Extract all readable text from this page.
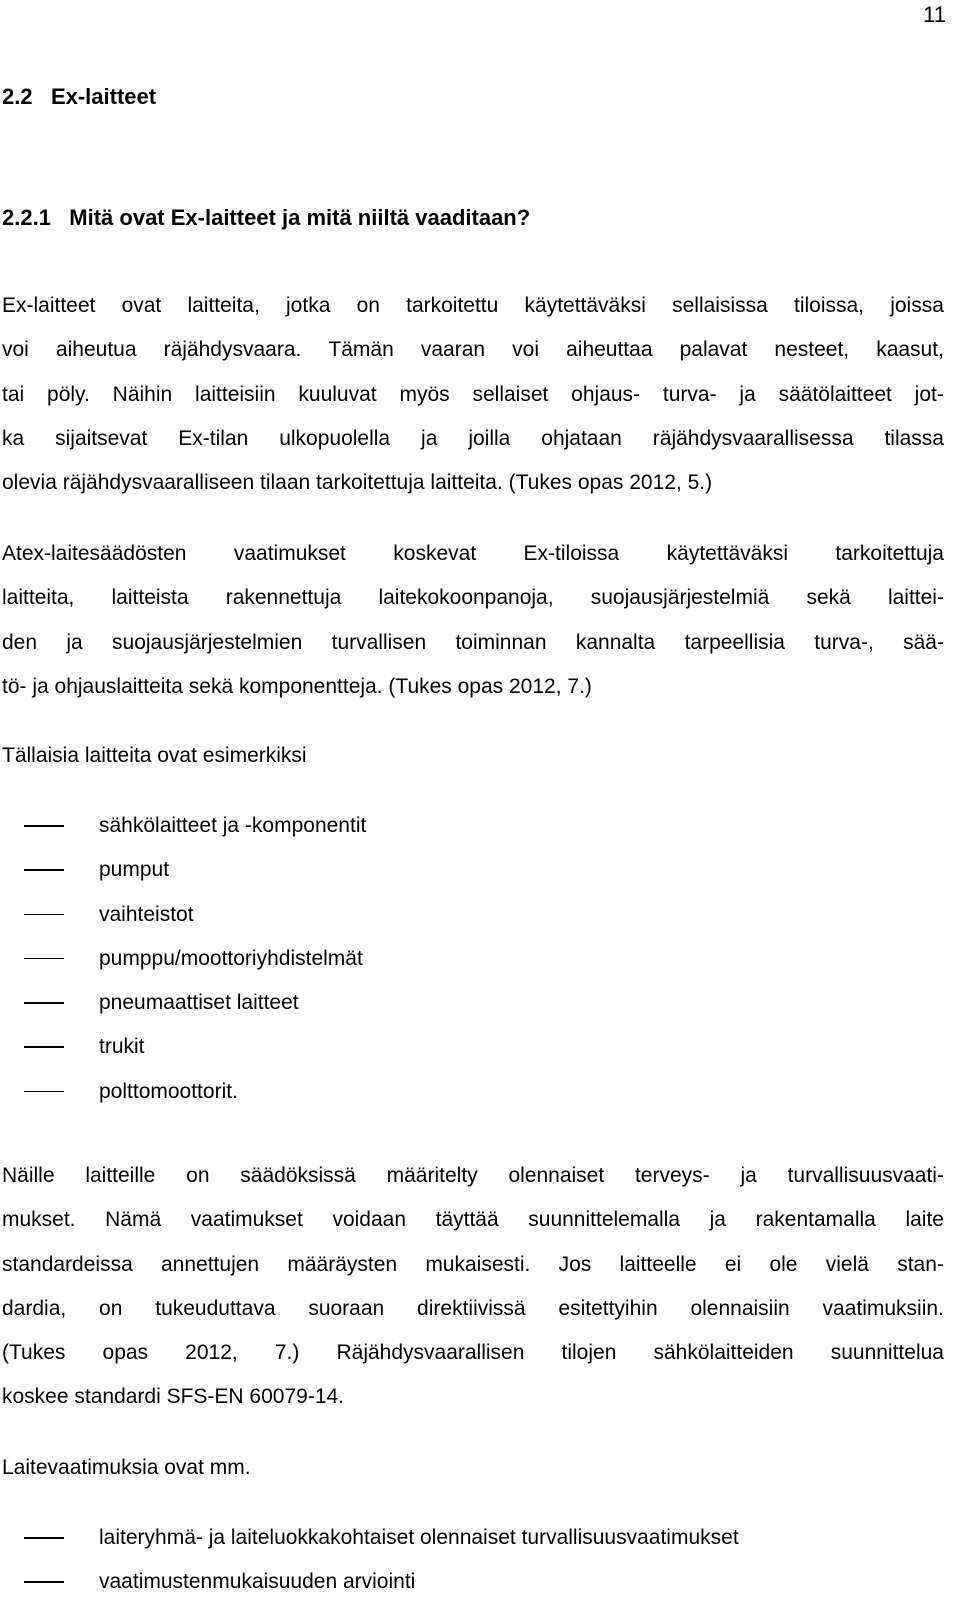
11
2.2 Ex-laitteet
2.2.1 Mitä ovat Ex-laitteet ja mitä niiltä vaaditaan?
Ex-laitteet ovat laitteita, jotka on tarkoitettu käytettäväksi sellaisissa tiloissa, joissa
voi aiheutua räjähdysvaara. Tämän vaaran voi aiheuttaa palavat nesteet, kaasut,
tai pöly. Näihin laitteisiin kuuluvat myös sellaiset ohjaus- turva- ja säätölaitteet jot-
ka sijaitsevat Ex-tilan ulkopuolella ja joilla ohjataan räjähdysvaarallisessa tilassa
olevia räjähdysvaaralliseen tilaan tarkoitettuja laitteita. (Tukes opas 2012, 5.)
Atex-laitesäädösten vaatimukset koskevat Ex-tiloissa käytettäväksi tarkoitettuja
laitteita, laitteista rakennettuja laitekokoonpanoja, suojausjärjestelmiä sekä laittei-
den ja suojausjärjestelmien turvallisen toiminnan kannalta tarpeellisia turva-, sää-
tö- ja ohjauslaitteita sekä komponentteja. (Tukes opas 2012, 7.)
Tällaisia laitteita ovat esimerkiksi
sähkölaitteet ja -komponentit
pumput
vaihteistot
pumppu/moottoriyhdistelmät
pneumaattiset laitteet
trukit
polttomoottorit.
Näille laitteille on säädöksissä määritelty olennaiset terveys- ja turvallisuusvaati-
mukset. Nämä vaatimukset voidaan täyttää suunnittelemalla ja rakentamalla laite
standardeissa annettujen määräysten mukaisesti. Jos laitteelle ei ole vielä stan-
dardia, on tukeuduttava suoraan direktiivissä esitettyihin olennaisiin vaatimuksiin.
(Tukes opas 2012, 7.) Räjähdysvaarallisen tilojen sähkölaitteiden suunnittelua
koskee standardi SFS-EN 60079-14.
Laitevaatimuksia ovat mm.
laiteryhmä- ja laiteluokkakohtaiset olennaiset turvallisuusvaatimukset
vaatimustenmukaisuuden arviointi
